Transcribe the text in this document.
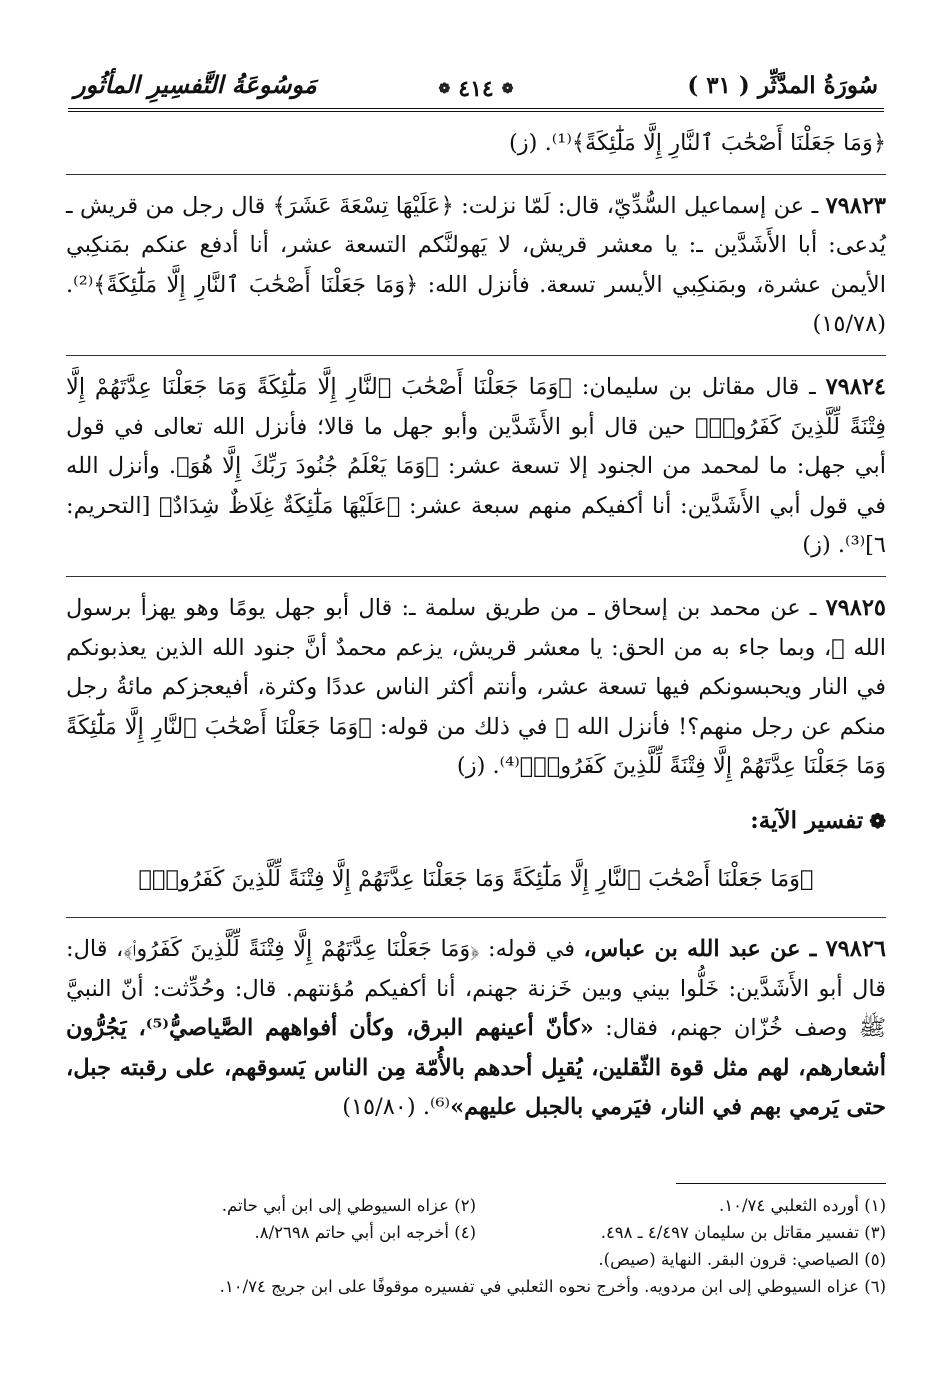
سُورَةُ المدَّثِّر ( ٣١ )
❁
٤١٤
❁
مَوسُوعَةُ التَّفسِيرِ المأثُور

﴿وَمَا جَعَلْنَا أَصْحَٰبَ ٱلنَّارِ إِلَّا مَلَٰٓئِكَةً﴾⁽¹⁾. (ز)

٧٩٨٢٣ ـ عن إسماعيل السُّدِّيّ، قال: لَمّا نزلت: ﴿عَلَيْهَا تِسْعَةَ عَشَرَ﴾ قال رجل من قريش ـ يُدعى: أبا الأَشَدَّين ـ: يا معشر قريش، لا يَهولنَّكم التسعة عشر، أنا أدفع عنكم بمَنكِبي الأيمن عشرة، وبمَنكِبي الأيسر تسعة. فأنزل الله: ﴿وَمَا جَعَلْنَا أَصْحَٰبَ ٱلنَّارِ إِلَّا مَلَٰٓئِكَةً﴾⁽²⁾. (١٥/٧٨)

٧٩٨٢٤ ـ قال مقاتل بن سليمان: ﴿وَمَا جَعَلْنَا أَصْحَٰبَ ٱلنَّارِ إِلَّا مَلَٰٓئِكَةً وَمَا جَعَلْنَا عِدَّتَهُمْ إِلَّا فِتْنَةً لِّلَّذِينَ كَفَرُوا۟﴾ حين قال أبو الأَشَدَّين وأبو جهل ما قالا؛ فأنزل الله تعالى في قول أبي جهل: ما لمحمد من الجنود إلا تسعة عشر: ﴿وَمَا يَعْلَمُ جُنُودَ رَبِّكَ إِلَّا هُوَ﴾. وأنزل الله في قول أبي الأَشَدَّين: أنا أكفيكم منهم سبعة عشر: ﴿عَلَيْهَا مَلَٰٓئِكَةٌ غِلَاظٌ شِدَادٌ﴾ [التحريم: ٦]⁽³⁾. (ز)

٧٩٨٢٥ ـ عن محمد بن إسحاق ـ من طريق سلمة ـ: قال أبو جهل يومًا وهو يهزأ برسول الله ﷺ، وبما جاء به من الحق: يا معشر قريش، يزعم محمدٌ أنَّ جنود الله الذين يعذبونكم في النار ويحبسونكم فيها تسعة عشر، وأنتم أكثر الناس عددًا وكثرة، أفيعجزكم مائةُ رجل منكم عن رجل منهم؟! فأنزل الله ﷻ في ذلك من قوله: ﴿وَمَا جَعَلْنَا أَصْحَٰبَ ٱلنَّارِ إِلَّا مَلَٰٓئِكَةً وَمَا جَعَلْنَا عِدَّتَهُمْ إِلَّا فِتْنَةً لِّلَّذِينَ كَفَرُوا۟﴾⁽⁴⁾. (ز)

❁تفسير الآية:

﴿وَمَا جَعَلْنَا أَصْحَٰبَ ٱلنَّارِ إِلَّا مَلَٰٓئِكَةً وَمَا جَعَلْنَا عِدَّتَهُمْ إِلَّا فِتْنَةً لِّلَّذِينَ كَفَرُوا۟﴾

٧٩٨٢٦ ـ عن عبد الله بن عباس، في قوله: ﴿وَمَا جَعَلْنَا عِدَّتَهُمْ إِلَّا فِتْنَةً لِّلَّذِينَ كَفَرُوا۟﴾، قال: قال أبو الأَشَدَّين: خَلُّوا بيني وبين خَزنة جهنم، أنا أكفيكم مُؤنتهم. قال: وحُدِّثت: أنّ النبيَّ ﷺ وصف خُزّان جهنم، فقال: «كأنّ أعينهم البرق، وكأن أفواههم الصَّياصيُّ⁽⁵⁾، يَجُرُّون أشعارهم، لهم مثل قوة الثّقلين، يُقبِل أحدهم بالأُمّة مِن الناس يَسوقهم، على رقبته جبل، حتى يَرمي بهم في النار، فيَرمي بالجبل عليهم»⁽⁶⁾. (١٥/٨٠)

(١) أورده الثعلبي ١٠/٧٤.
(٢) عزاه السيوطي إلى ابن أبي حاتم.
(٣) تفسير مقاتل بن سليمان ٤/٤٩٧ ـ ٤٩٨.
(٤) أخرجه ابن أبي حاتم ٨/٢٦٩٨.
(٥) الصياصي: قرون البقر. النهاية (صيص).
(٦) عزاه السيوطي إلى ابن مردويه. وأخرج نحوه الثعلبي في تفسيره موقوفًا على ابن جريج ١٠/٧٤.
